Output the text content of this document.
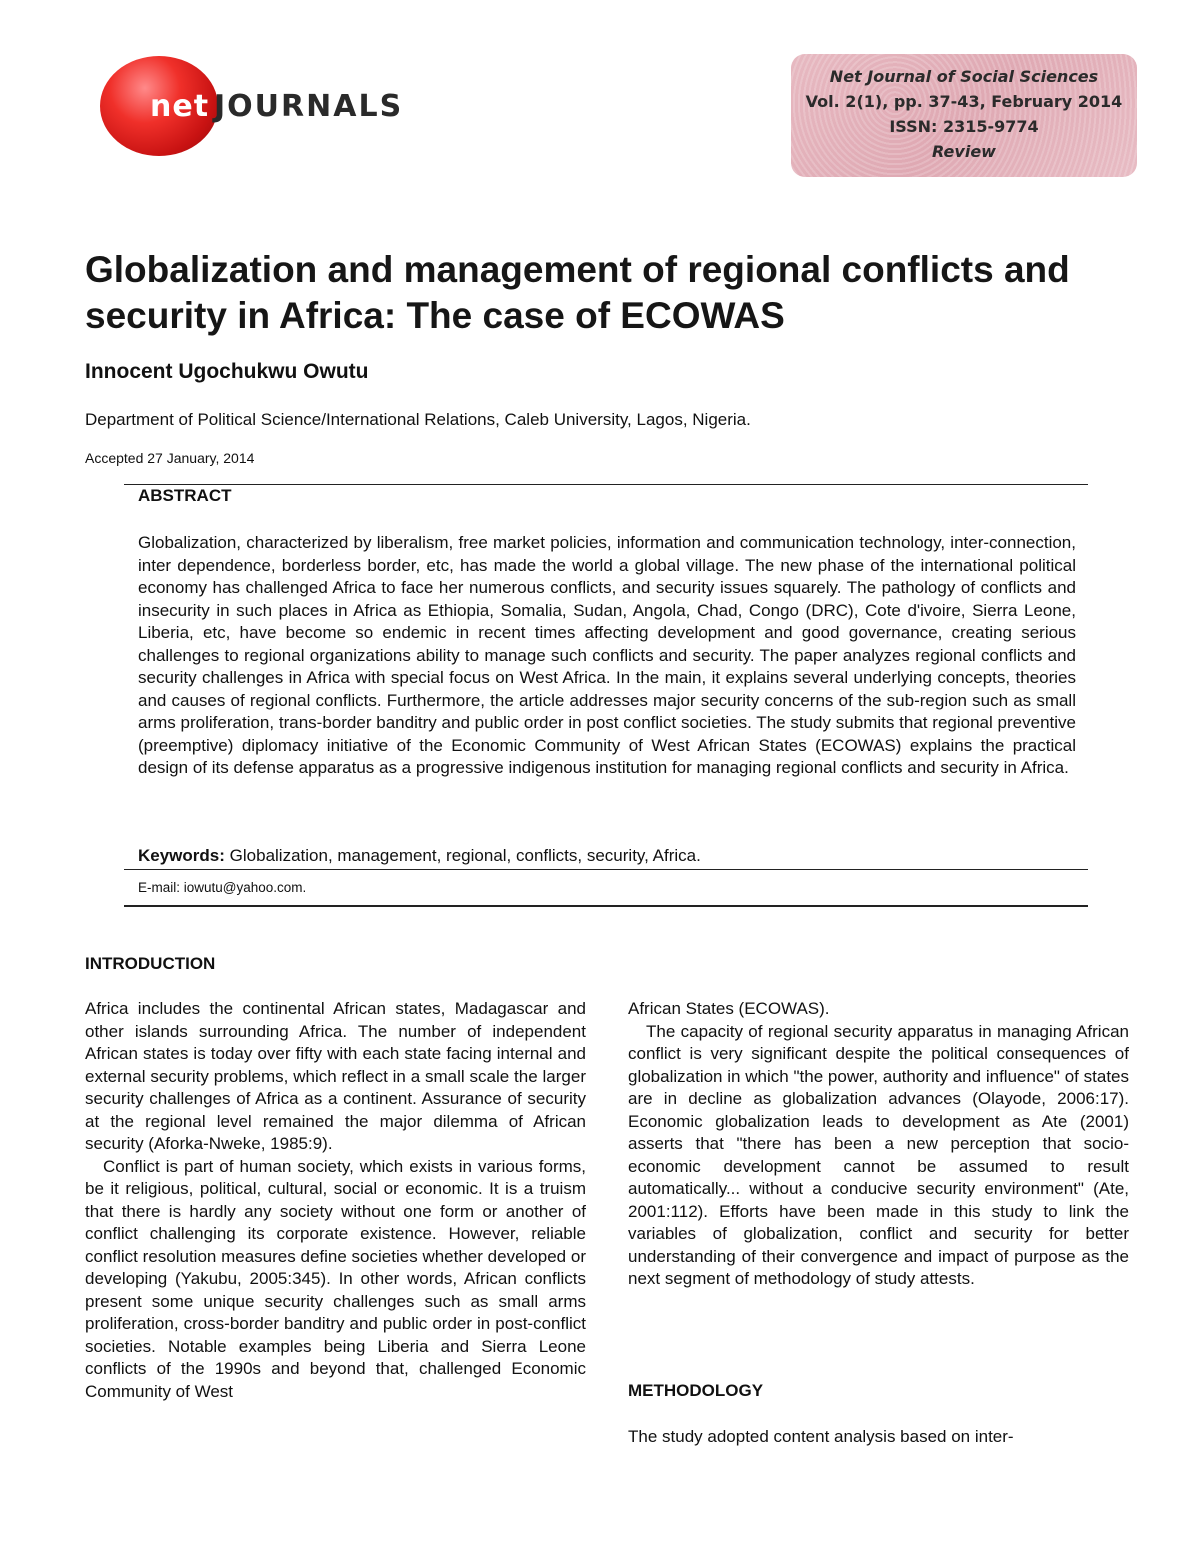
net JOURNALS
Net Journal of Social Sciences
Vol. 2(1), pp. 37-43, February 2014
ISSN: 2315-9774
Review
Globalization and management of regional conflicts and security in Africa: The case of ECOWAS
Innocent Ugochukwu Owutu
Department of Political Science/International Relations, Caleb University, Lagos, Nigeria.
Accepted 27 January, 2014
ABSTRACT

Globalization, characterized by liberalism, free market policies, information and communication technology, inter-connection, inter dependence, borderless border, etc, has made the world a global village. The new phase of the international political economy has challenged Africa to face her numerous conflicts, and security issues squarely. The pathology of conflicts and insecurity in such places in Africa as Ethiopia, Somalia, Sudan, Angola, Chad, Congo (DRC), Cote d'ivoire, Sierra Leone, Liberia, etc, have become so endemic in recent times affecting development and good governance, creating serious challenges to regional organizations ability to manage such conflicts and security. The paper analyzes regional conflicts and security challenges in Africa with special focus on West Africa. In the main, it explains several underlying concepts, theories and causes of regional conflicts. Furthermore, the article addresses major security concerns of the sub-region such as small arms proliferation, trans-border banditry and public order in post conflict societies. The study submits that regional preventive (preemptive) diplomacy initiative of the Economic Community of West African States (ECOWAS) explains the practical design of its defense apparatus as a progressive indigenous institution for managing regional conflicts and security in Africa.

Keywords: Globalization, management, regional, conflicts, security, Africa.
E-mail: iowutu@yahoo.com.
INTRODUCTION

Africa includes the continental African states, Madagascar and other islands surrounding Africa. The number of independent African states is today over fifty with each state facing internal and external security problems, which reflect in a small scale the larger security challenges of Africa as a continent. Assurance of security at the regional level remained the major dilemma of African security (Aforka-Nweke, 1985:9).

Conflict is part of human society, which exists in various forms, be it religious, political, cultural, social or economic. It is a truism that there is hardly any society without one form or another of conflict challenging its corporate existence. However, reliable conflict resolution measures define societies whether developed or developing (Yakubu, 2005:345). In other words, African conflicts present some unique security challenges such as small arms proliferation, cross-border banditry and public order in post-conflict societies. Notable examples being Liberia and Sierra Leone conflicts of the 1990s and beyond that, challenged Economic Community of West

African States (ECOWAS).

The capacity of regional security apparatus in managing African conflict is very significant despite the political consequences of globalization in which "the power, authority and influence" of states are in decline as globalization advances (Olayode, 2006:17). Economic globalization leads to development as Ate (2001) asserts that "there has been a new perception that socio-economic development cannot be assumed to result automatically... without a conducive security environment" (Ate, 2001:112). Efforts have been made in this study to link the variables of globalization, conflict and security for better understanding of their convergence and impact of purpose as the next segment of methodology of study attests.

METHODOLOGY

The study adopted content analysis based on inter-
